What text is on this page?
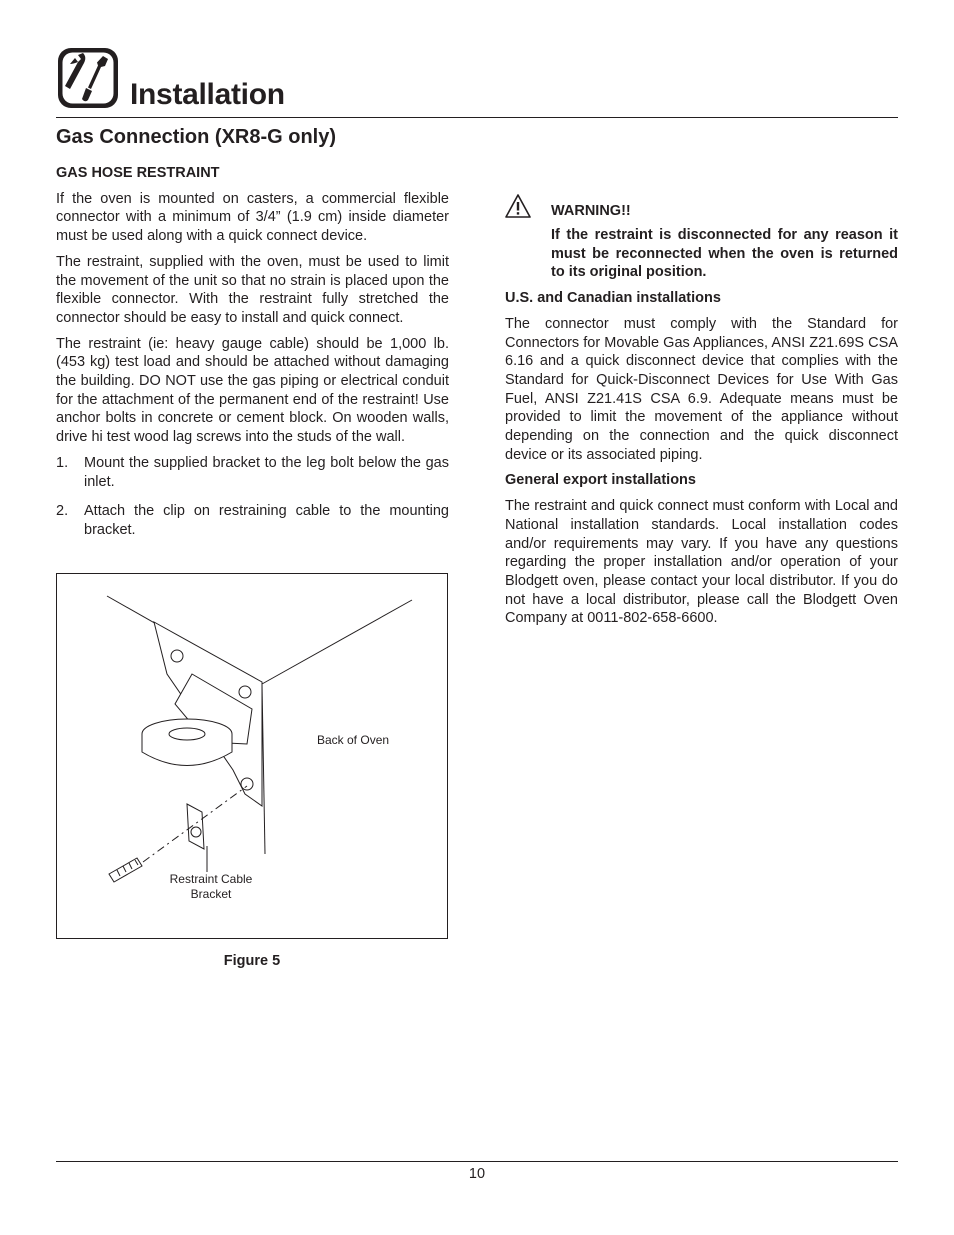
Installation
Gas Connection (XR8-G only)
GAS HOSE RESTRAINT

If the oven is mounted on casters, a commercial flexible connector with a minimum of 3/4” (1.9 cm) inside diameter must be used along with a quick connect device.

The restraint, supplied with the oven, must be used to limit the movement of the unit so that no strain is placed upon the flexible connector. With the restraint fully stretched the connector should be easy to install and quick connect.

The restraint (ie: heavy gauge cable) should be 1,000 lb. (453 kg) test load and should be attached without damaging the building. DO NOT use the gas piping or electrical conduit for the attachment of the permanent end of the restraint! Use anchor bolts in concrete or cement block. On wooden walls, drive hi test wood lag screws into the studs of the wall.

1. Mount the supplied bracket to the leg bolt below the gas inlet.
2. Attach the clip on restraining cable to the mounting bracket.
Back of Oven
Restraint Cable
Bracket
Figure 5
WARNING!!

If the restraint is disconnected for any reason it must be reconnected when the oven is returned to its original position.

U.S. and Canadian installations

The connector must comply with the Standard for Connectors for Movable Gas Appliances, ANSI Z21.69S CSA 6.16 and a quick disconnect device that complies with the Standard for Quick-Disconnect Devices for Use With Gas Fuel, ANSI Z21.41S CSA 6.9. Adequate means must be provided to limit the movement of the appliance without depending on the connection and the quick disconnect device or its associated piping.

General export installations

The restraint and quick connect must conform with Local and National installation standards. Local installation codes and/or requirements may vary. If you have any questions regarding the proper installation and/or operation of your Blodgett oven, please contact your local distributor. If you do not have a local distributor, please call the Blodgett Oven Company at 0011-802-658-6600.

10
